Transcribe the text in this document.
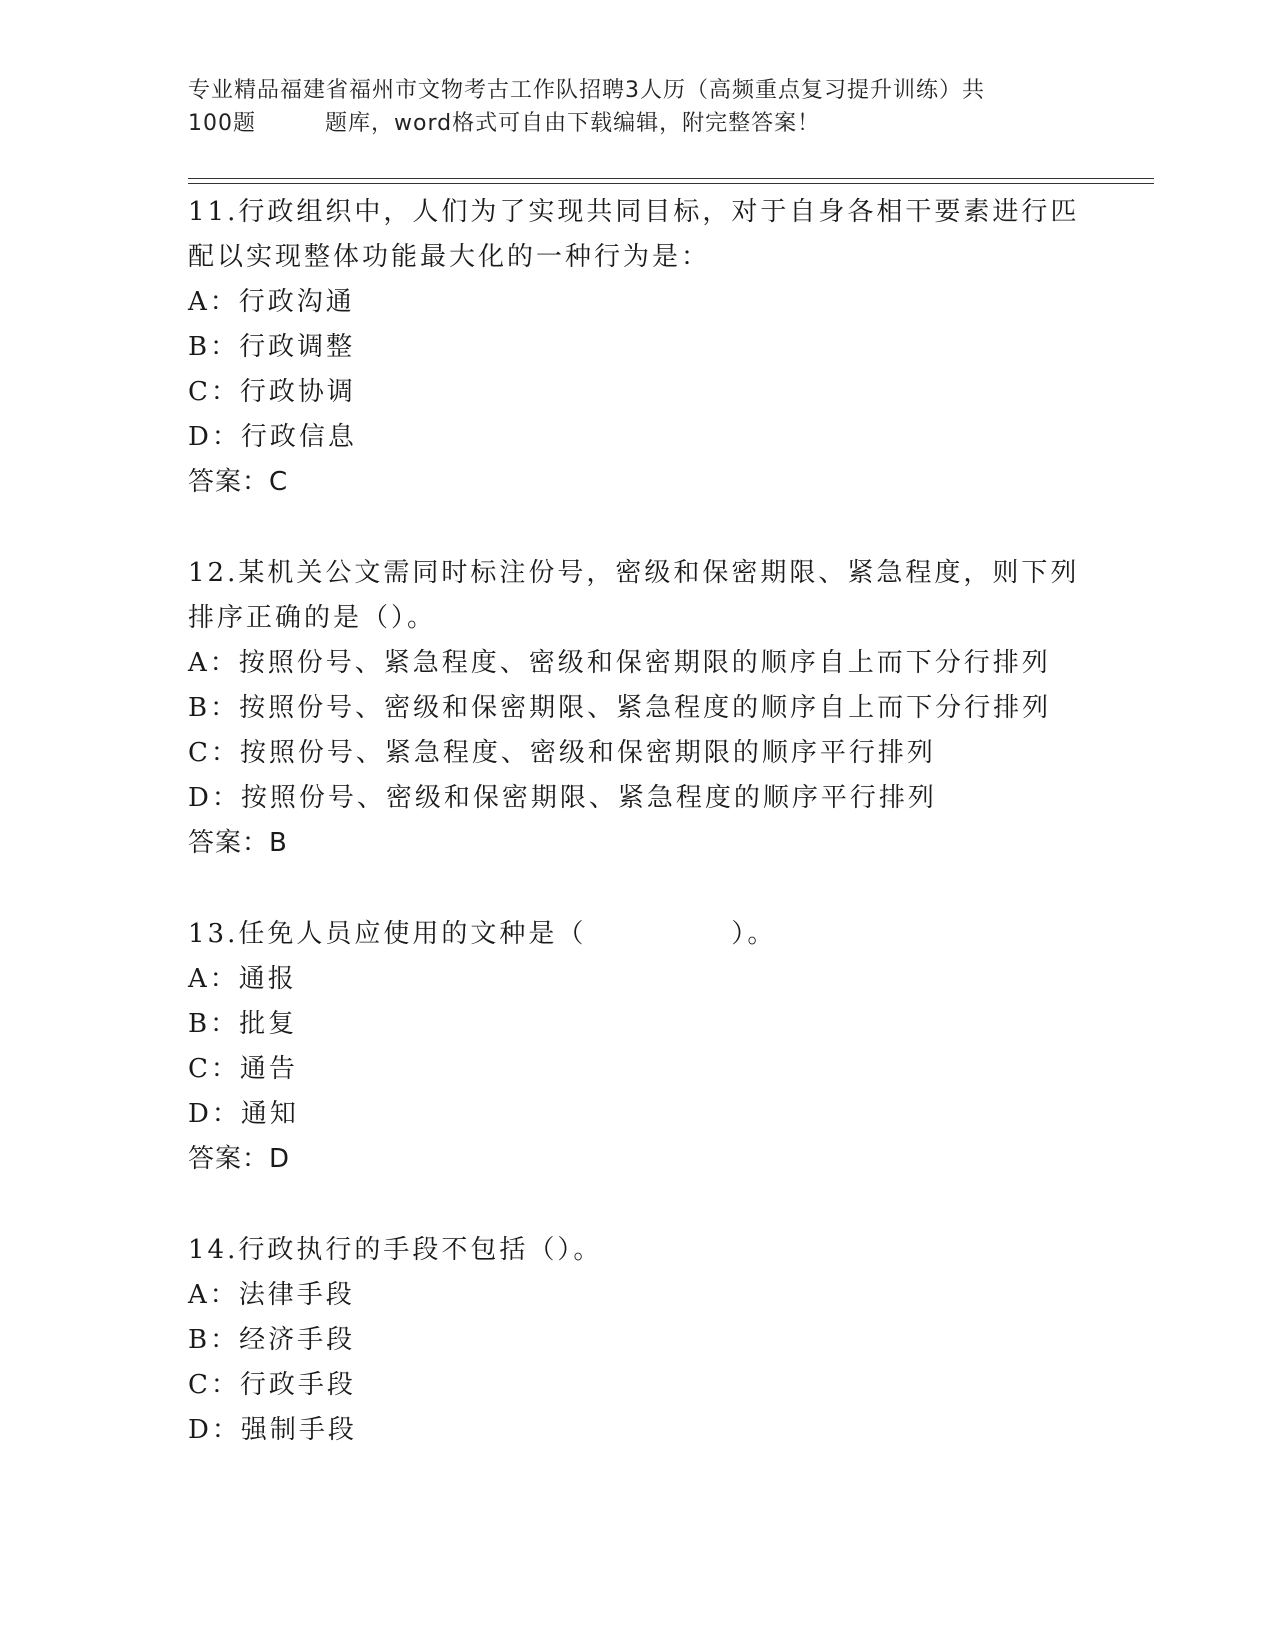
专业精品福建省福州市文物考古工作队招聘3人历（高频重点复习提升训练）共
100题　　　题库，word格式可自由下载编辑，附完整答案！
11.行政组织中，人们为了实现共同目标，对于自身各相干要素进行匹
配以实现整体功能最大化的一种行为是：
A：行政沟通
B：行政调整
C：行政协调
D：行政信息
答案：C
12.某机关公文需同时标注份号，密级和保密期限、紧急程度，则下列
排序正确的是（）。
A：按照份号、紧急程度、密级和保密期限的顺序自上而下分行排列
B：按照份号、密级和保密期限、紧急程度的顺序自上而下分行排列
C：按照份号、紧急程度、密级和保密期限的顺序平行排列
D：按照份号、密级和保密期限、紧急程度的顺序平行排列
答案：B
13.任免人员应使用的文种是（　　　　　）。
A：通报
B：批复
C：通告
D：通知
答案：D
14.行政执行的手段不包括（）。
A：法律手段
B：经济手段
C：行政手段
D：强制手段
